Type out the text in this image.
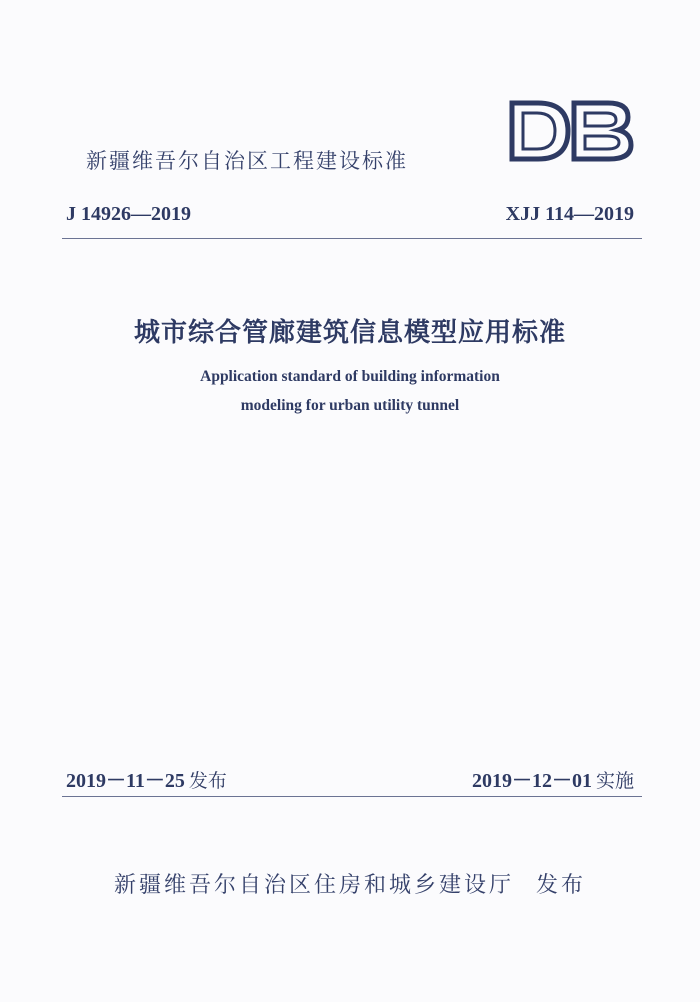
新疆维吾尔自治区工程建设标准
J 14926—2019	XJJ 114—2019
城市综合管廊建筑信息模型应用标准
Application standard of building information
modeling for urban utility tunnel
2019－11－25 发布	2019－12－01 实施
新疆维吾尔自治区住房和城乡建设厅 发布
